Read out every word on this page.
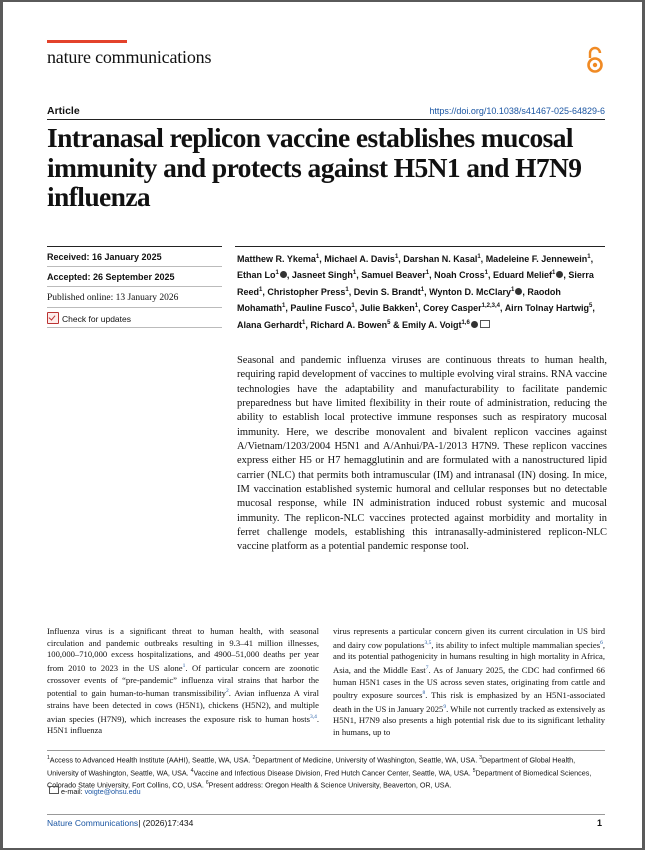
nature communications
Article	https://doi.org/10.1038/s41467-025-64829-6
Intranasal replicon vaccine establishes mucosal immunity and protects against H5N1 and H7N9 influenza
Received: 16 January 2025
Accepted: 26 September 2025
Published online: 13 January 2026
Check for updates
Matthew R. Ykema$^1$, Michael A. Davis$^1$, Darshan N. Kasal$^1$, Madeleine F. Jennewein$^1$, Ethan Lo$^1$ , Jasneet Singh$^1$, Samuel Beaver$^1$, Noah Cross$^1$, Eduard Melief$^1$ , Sierra Reed$^1$, Christopher Press$^1$, Devin S. Brandt$^1$, Wynton D. McClary$^1$ , Raodoh Mohamath$^1$, Pauline Fusco$^1$, Julie Bakken$^1$, Corey Casper$^{1,2,3,4}$, Airn Tolnay Hartwig$^5$, Alana Gerhardt$^1$, Richard A. Bowen$^5$ & Emily A. Voigt$^{1,6}$
Seasonal and pandemic influenza viruses are continuous threats to human health, requiring rapid development of vaccines to multiple evolving viral strains. RNA vaccine technologies have the adaptability and manufacturability to facilitate pandemic preparedness but have limited flexibility in their route of administration, reducing the ability to establish local protective immune responses such as respiratory mucosal immunity. Here, we describe monovalent and bivalent replicon vaccines against A/Vietnam/1203/2004 H5N1 and A/Anhui/PA-1/2013 H7N9. These replicon vaccines express either H5 or H7 hemagglutinin and are formulated with a nanostructured lipid carrier (NLC) that permits both intramuscular (IM) and intranasal (IN) dosing. In mice, IM vaccination established systemic humoral and cellular responses but no detectable mucosal response, while IN administration induced robust systemic and mucosal immunity. The replicon-NLC vaccines protected against morbidity and mortality in ferret challenge models, establishing this intranasally-administered replicon-NLC vaccine platform as a potential pandemic response tool.
Influenza virus is a significant threat to human health, with seasonal circulation and pandemic outbreaks resulting in 9.3–41 million illnesses, 100,000–710,000 excess hospitalizations, and 4900–51,000 deaths per year from 2010 to 2023 in the US alone$^1$. Of particular concern are zoonotic crossover events of “pre-pandemic” influenza viral strains that harbor the potential to gain human-to-human transmissibility$^2$. Avian influenza A viral strains have been detected in cows (H5N1), chickens (H5N2), and multiple avian species (H7N9), which increases the exposure risk to human hosts$^{3,4}$. H5N1 influenza
virus represents a particular concern given its current circulation in US bird and dairy cow populations$^{3,5}$, its ability to infect multiple mammalian species$^6$, and its potential pathogenicity in humans resulting in high mortality in Africa, Asia, and the Middle East$^7$. As of January 2025, the CDC had confirmed 66 human H5N1 cases in the US across seven states, originating from cattle and poultry exposure sources$^8$. This risk is emphasized by an H5N1-associated death in the US in January 2025$^9$. While not currently tracked as extensively as H5N1, H7N9 also presents a high potential risk due to its significant lethality in humans, up to
$^1$Access to Advanced Health Institute (AAHI), Seattle, WA, USA. $^2$Department of Medicine, University of Washington, Seattle, WA, USA. $^3$Department of Global Health, University of Washington, Seattle, WA, USA. $^4$Vaccine and Infectious Disease Division, Fred Hutch Cancer Center, Seattle, WA, USA. $^5$Department of Biomedical Sciences, Colorado State University, Fort Collins, CO, USA. $^6$Present address: Oregon Health & Science University, Beaverton, OR, USA.
e-mail: voigte@ohsu.edu
Nature Communications| (2026)17:434	1
